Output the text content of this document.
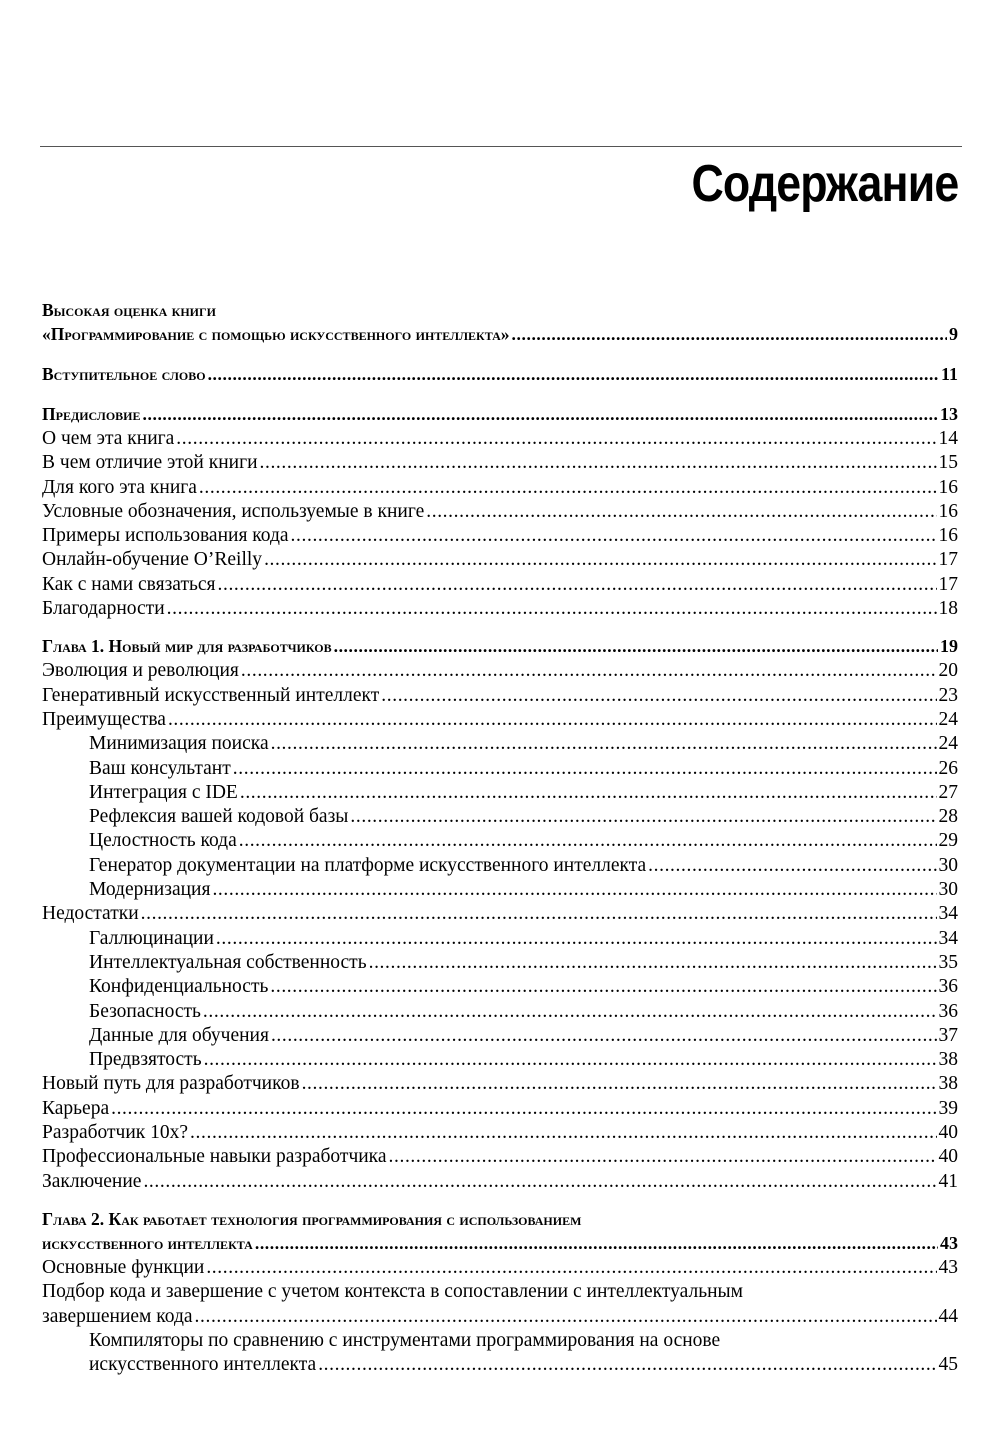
Содержание
Высокая оценка книги
«Программирование с помощью искусственного интеллекта» .....	9
Вступительное слово .....	11
Предисловие .....	13
О чем эта книга .....	14
В чем отличие этой книги .....	15
Для кого эта книга .....	16
Условные обозначения, используемые в книге .....	16
Примеры использования кода .....	16
Онлайн-обучение O’Reilly .....	17
Как с нами связаться .....	17
Благодарности .....	18
Глава 1. Новый мир для разработчиков .....	19
Эволюция и революция .....	20
Генеративный искусственный интеллект .....	23
Преимущества .....	24
Минимизация поиска .....	24
Ваш консультант .....	26
Интеграция с IDE .....	27
Рефлексия вашей кодовой базы .....	28
Целостность кода .....	29
Генератор документации на платформе искусственного интеллекта .....	30
Модернизация .....	30
Недостатки .....	34
Галлюцинации .....	34
Интеллектуальная собственность .....	35
Конфиденциальность .....	36
Безопасность .....	36
Данные для обучения .....	37
Предвзятость .....	38
Новый путь для разработчиков .....	38
Карьера .....	39
Разработчик 10x? .....	40
Профессиональные навыки разработчика .....	40
Заключение .....	41
Глава 2. Как работает технология программирования с использованием
искусственного интеллекта .....	43
Основные функции .....	43
Подбор кода и завершение с учетом контекста в сопоставлении с интеллектуальным
завершением кода .....	44
Компиляторы по сравнению с инструментами программирования на основе
искусственного интеллекта .....	45
